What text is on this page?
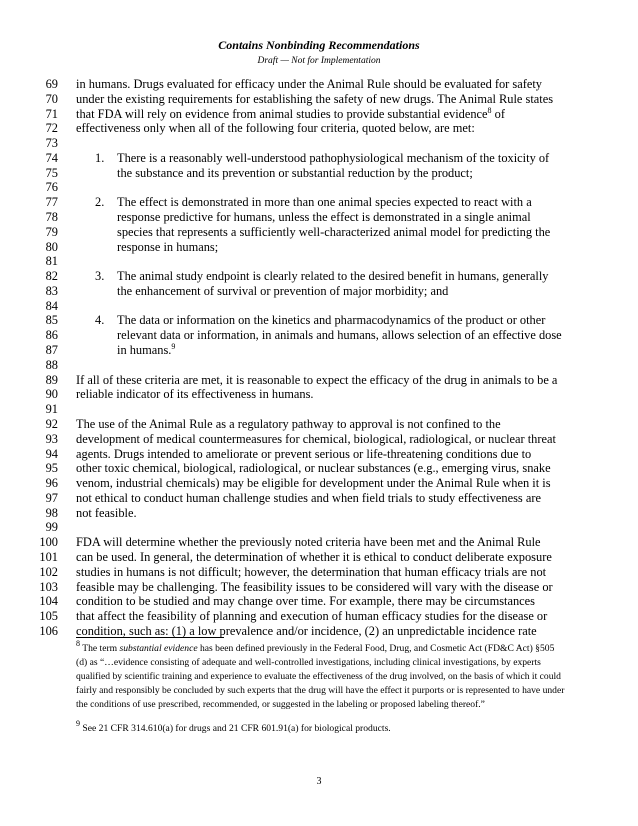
Contains Nonbinding Recommendations
Draft — Not for Implementation
69 in humans. Drugs evaluated for efficacy under the Animal Rule should be evaluated for safety
70 under the existing requirements for establishing the safety of new drugs. The Animal Rule states
71 that FDA will rely on evidence from animal studies to provide substantial evidence$^8$ of
72 effectiveness only when all of the following four criteria, quoted below, are met:
73
74	1. There is a reasonably well-understood pathophysiological mechanism of the toxicity of
75	the substance and its prevention or substantial reduction by the product;
76
77	2. The effect is demonstrated in more than one animal species expected to react with a
78	response predictive for humans, unless the effect is demonstrated in a single animal
79	species that represents a sufficiently well-characterized animal model for predicting the
80	response in humans;
81
82	3. The animal study endpoint is clearly related to the desired benefit in humans, generally
83	the enhancement of survival or prevention of major morbidity; and
84
85	4. The data or information on the kinetics and pharmacodynamics of the product or other
86	relevant data or information, in animals and humans, allows selection of an effective dose
87	in humans.$^9$
88
89 If all of these criteria are met, it is reasonable to expect the efficacy of the drug in animals to be a
90 reliable indicator of its effectiveness in humans.
91
92 The use of the Animal Rule as a regulatory pathway to approval is not confined to the
93 development of medical countermeasures for chemical, biological, radiological, or nuclear threat
94 agents. Drugs intended to ameliorate or prevent serious or life-threatening conditions due to
95 other toxic chemical, biological, radiological, or nuclear substances (e.g., emerging virus, snake
96 venom, industrial chemicals) may be eligible for development under the Animal Rule when it is
97 not ethical to conduct human challenge studies and when field trials to study effectiveness are
98 not feasible.
99
100 FDA will determine whether the previously noted criteria have been met and the Animal Rule
101 can be used. In general, the determination of whether it is ethical to conduct deliberate exposure
102 studies in humans is not difficult; however, the determination that human efficacy trials are not
103 feasible may be challenging. The feasibility issues to be considered will vary with the disease or
104 condition to be studied and may change over time. For example, there may be circumstances
105 that affect the feasibility of planning and execution of human efficacy studies for the disease or
106 condition, such as: (1) a low prevalence and/or incidence, (2) an unpredictable incidence rate
$^8$ The term substantial evidence has been defined previously in the Federal Food, Drug, and Cosmetic Act (FD&C Act) §505 (d) as “…evidence consisting of adequate and well-controlled investigations, including clinical investigations, by experts qualified by scientific training and experience to evaluate the effectiveness of the drug involved, on the basis of which it could fairly and responsibly be concluded by such experts that the drug will have the effect it purports or is represented to have under the conditions of use prescribed, recommended, or suggested in the labeling or proposed labeling thereof.”
$^9$ See 21 CFR 314.610(a) for drugs and 21 CFR 601.91(a) for biological products.
3
